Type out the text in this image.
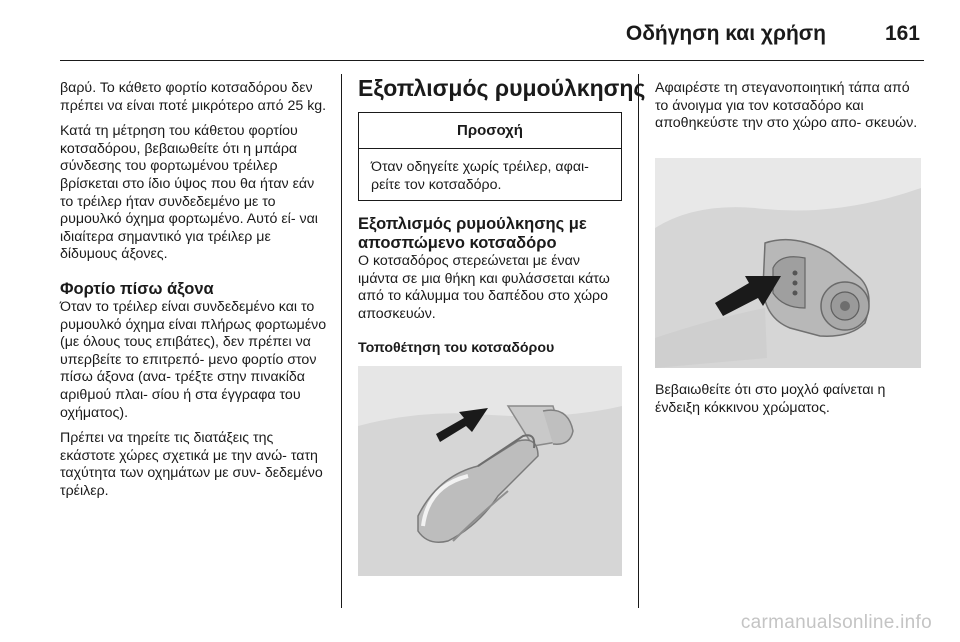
Οδήγηση και χρήση	161

βαρύ. Το κάθετο φορτίο κοτσαδόρου δεν πρέπει να είναι ποτέ μικρότερο από 25 kg.

Κατά τη μέτρηση του κάθετου φορτίου κοτσαδόρου, βεβαιωθείτε ότι η μπάρα σύνδεσης του φορτωμένου τρέιλερ βρίσκεται στο ίδιο ύψος που θα ήταν εάν το τρέιλερ ήταν συνδεδεμένο με το ρυμουλκό όχημα φορτωμένο. Αυτό εί- ναι ιδιαίτερα σημαντικό για τρέιλερ με δίδυμους άξονες.

Φορτίο πίσω άξονα

Όταν το τρέιλερ είναι συνδεδεμένο και το ρυμουλκό όχημα είναι πλήρως φορτωμένο (με όλους τους επιβάτες), δεν πρέπει να υπερβείτε το επιτρεπό- μενο φορτίο στον πίσω άξονα (ανα- τρέξτε στην πινακίδα αριθμού πλαι- σίου ή στα έγγραφα του οχήματος).

Πρέπει να τηρείτε τις διατάξεις της εκάστοτε χώρες σχετικά με την ανώ- τατη ταχύτητα των οχημάτων με συν- δεδεμένο τρέιλερ.

Εξοπλισμός ρυμούλκησης
Προσοχή
Όταν οδηγείτε χωρίς τρέιλερ, αφαι- ρείτε τον κοτσαδόρο.
Εξοπλισμός ρυμούλκησης με αποσπώμενο κοτσαδόρο

Ο κοτσαδόρος στερεώνεται με έναν ιμάντα σε μια θήκη και φυλάσσεται κάτω από το κάλυμμα του δαπέδου στο χώρο αποσκευών.

Τοποθέτηση του κοτσαδόρου

Αφαιρέστε τη στεγανοποιητική τάπα από το άνοιγμα για τον κοτσαδόρο και αποθηκεύστε την στο χώρο απο- σκευών.

Βεβαιωθείτε ότι στο μοχλό φαίνεται η ένδειξη κόκκινου χρώματος.

carmanualsonline.info
